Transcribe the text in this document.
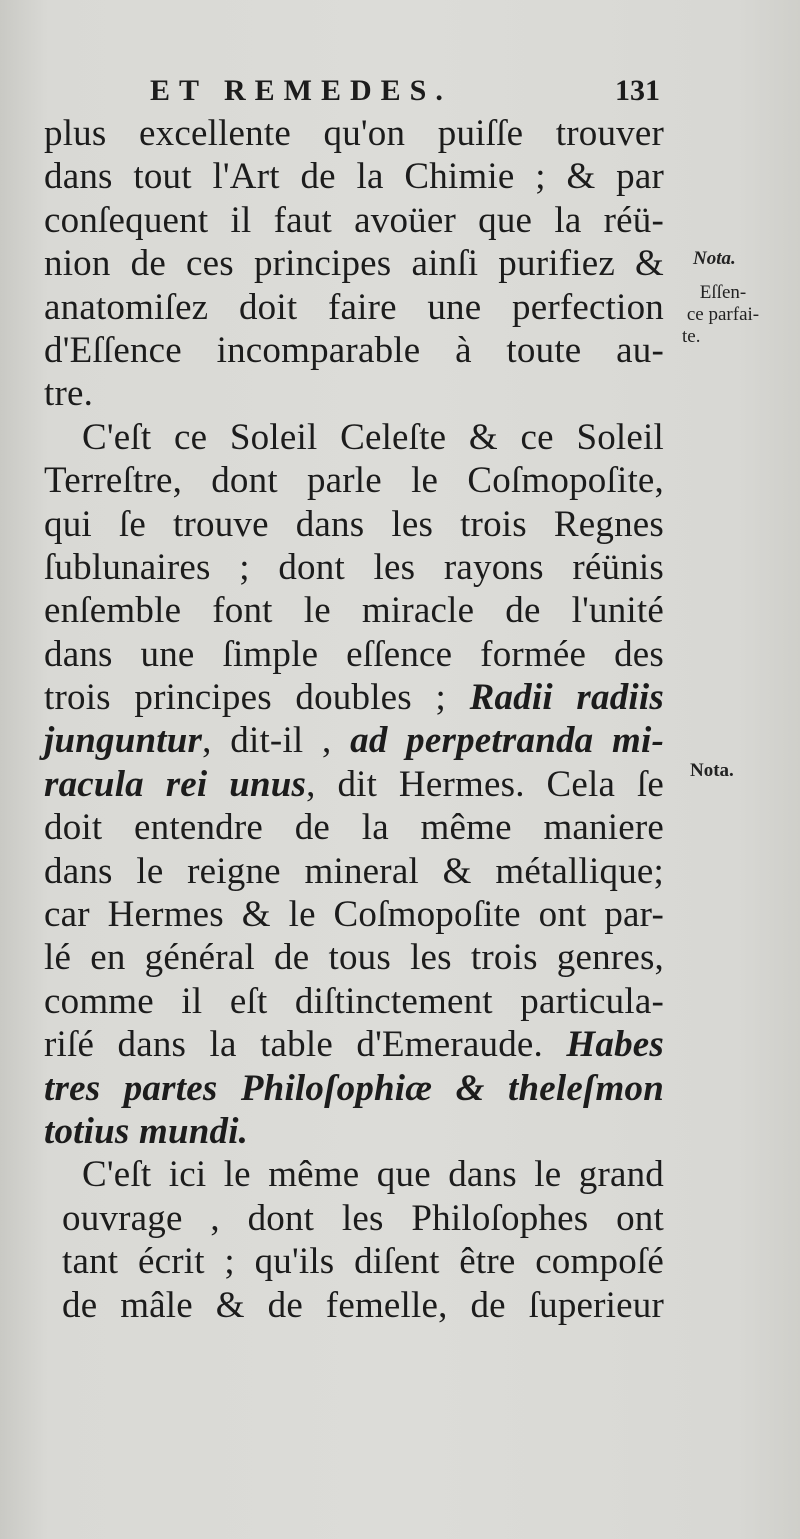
ET REMEDES.	131
plus excellente qu'on puiſſe trouver
dans tout l'Art de la Chimie ; & par
conſequent il faut avoüer que la réü-
nion de ces principes ainſi purifiez &
anatomiſez doit faire une perfection
d'Eſſence incomparable à toute au-
tre.
C'eſt ce Soleil Celeſte & ce Soleil
Terreſtre, dont parle le Coſmopoſite,
qui ſe trouve dans les trois Regnes
ſublunaires ; dont les rayons réünis
enſemble font le miracle de l'unité
dans une ſimple eſſence formée des
trois principes doubles ; Radii radiis
junguntur, dit-il , ad perpetranda mi-
racula rei unus, dit Hermes. Cela ſe
doit entendre de la même maniere
dans le reigne mineral & métallique;
car Hermes & le Coſmopoſite ont par-
lé en général de tous les trois genres,
comme il eſt diſtinctement particula-
riſé dans la table d'Emeraude. Habes
tres partes Philoſophiæ & theleſmon
totius mundi.
C'eſt ici le même que dans le grand
ouvrage , dont les Philoſophes ont
tant écrit ; qu'ils diſent être compoſé
de mâle & de femelle, de ſuperieur
Nota.
Eſſen-
ce parfai-
te.
Nota.
